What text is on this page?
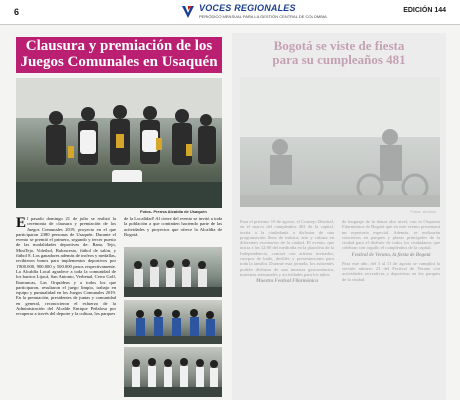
6	VOCES REGIONALES
PERIÓDICO MENSUAL PARA LA GESTIÓN CENTRAL DE COLOMBIA
EDICIÓN 144
Clausura y premiación de los
Juegos Comunales en Usaquén
Fotos- Prensa Alcaldía de Usaquén
El pasado domingo 21 de julio se realizó la ceremonia de clausura y premiación de los Juegos Comunales 2019, proyecto en el que participaron 2380 personas de Usaquén. Durante el evento se premió el primero, segundo y tercer puesto de las modalidades deportivas de: Rana, Tejo, MiniTejo, Voleibol, Baloncesto, fútbol de salón, y fútbol 8. Los ganadores además de trofeos y medallas, recibieron bonos para implementos deportivos por 1'800.000, 900.000 y 500.000 pesos respectivamente. La Alcaldía Local agradece a toda la comunidad de los barrios Lijacá, San Antonio, Verbenal, Cerro Golf, Ibarrancas, Las Orquídeas y a todos los que participaron, resultaron el juego limpio, trabajo en equipo y puntualidad en los Juegos Comunales 2019. En la premiación, presidentes de juntas y comunidad en general, reconocieron el esfuerzo de la Administración del Alcalde Enrique Peñalosa por recuperar a través del deporte y la cultura, los parques
de la Localidad! Al cierre del evento se invitó a toda la población a que continúen haciendo parte de las actividades y proyectos que ofrece la Alcaldía de Bogotá.
Bogotá se viste de fiesta
para su cumpleaños 481
Fotos- Archivo
Para el próximo 10 de agosto, el Concejo Distrital, en el marco del cumpleaños 481 de la capital, invita a la ciudadanía a disfrutar de una programación llena de música, arte y cultura en diferentes escenarios de la ciudad. El evento, que inicia a las 12:00 del mediodía en la plazoleta de la Independencia, contará con artistas invitados, cuerpos de baile, desfiles y presentaciones para toda la familia. Durante esta jornada, los asistentes podrán disfrutar de una muestra gastronómica, muestras artesanales y actividades para los niños.
Muestra Festival Filarmónica
de lenguaje de la danza alto nivel, con la Orquesta Filarmónica de Bogotá que en este evento presentará un repertorio especial. Además, se realizarán conciertos en parques y plazas principales de la ciudad para el disfrute de todos los ciudadanos que celebran con orgullo el cumpleaños de la capital.
Festival de Verano, la fiesta de Bogotá
Para este año, del 3 al 11 de agosto se cumplirá la versión número 23 del Festival de Verano con actividades recreativas y deportivas en los parques de la ciudad.
